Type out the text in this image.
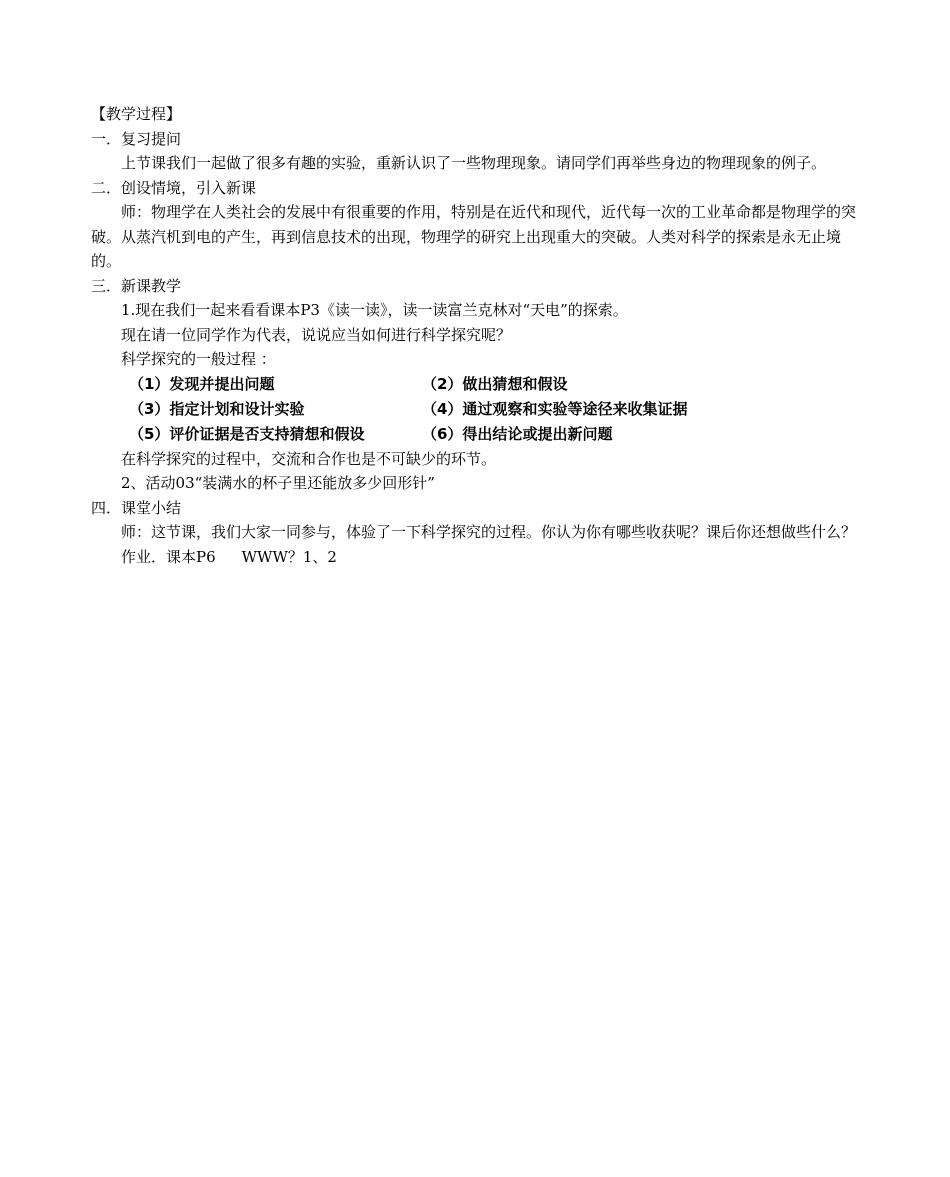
【教学过程】

一．复习提问

上节课我们一起做了很多有趣的实验，重新认识了一些物理现象。请同学们再举些身边的物理现象的例子。

二．创设情境，引入新课

师：物理学在人类社会的发展中有很重要的作用，特别是在近代和现代，近代每一次的工业革命都是物理学的突破。从蒸汽机到电的产生，再到信息技术的出现，物理学的研究上出现重大的突破。人类对科学的探索是永无止境的。

三．新课教学

1.现在我们一起来看看课本P3《读一读》，读一读富兰克林对“天电”的探索。

现在请一位同学作为代表，说说应当如何进行科学探究呢？

科学探究的一般过程 ：

（1）发现并提出问题	（2）做出猜想和假设
（3）指定计划和设计实验	（4）通过观察和实验等途径来收集证据
（5）评价证据是否支持猜想和假设	（6）得出结论或提出新问题

在科学探究的过程中，交流和合作也是不可缺少的环节。

2、活动03“装满水的杯子里还能放多少回形针”

四．课堂小结

师：这节课，我们大家一同参与，体验了一下科学探究的过程。你认为你有哪些收获呢？课后你还想做些什么？

作业．课本P6 WWW？1、2
